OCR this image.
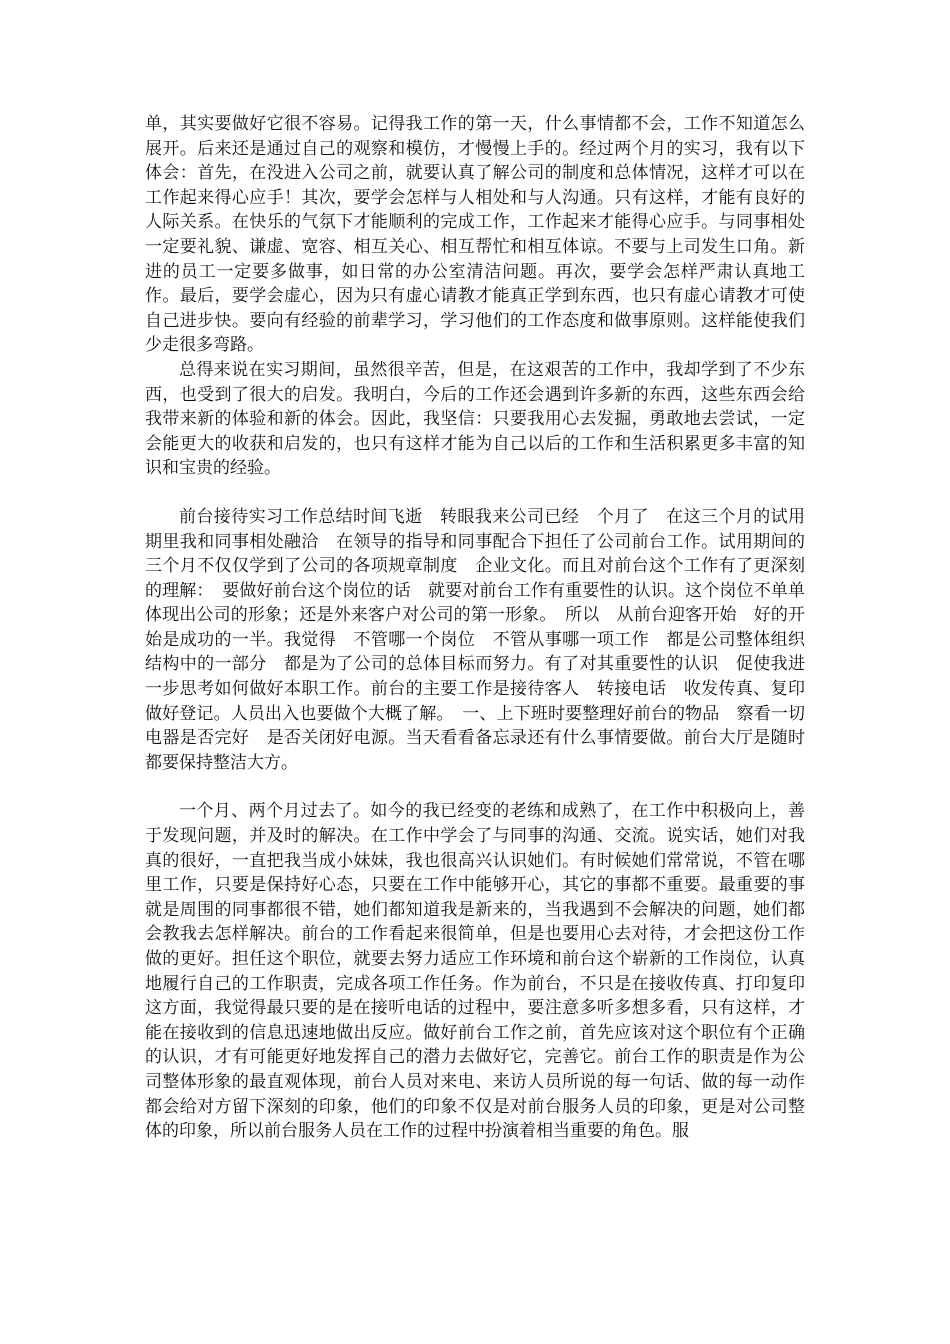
单，其实要做好它很不容易。记得我工作的第一天，什么事情都不会，工作不知道怎么展开。后来还是通过自己的观察和模仿，才慢慢上手的。经过两个月的实习，我有以下体会：首先，在没进入公司之前，就要认真了解公司的制度和总体情况，这样才可以在工作起来得心应手！其次，要学会怎样与人相处和与人沟通。只有这样，才能有良好的人际关系。在快乐的气氛下才能顺利的完成工作，工作起来才能得心应手。与同事相处一定要礼貌、谦虚、宽容、相互关心、相互帮忙和相互体谅。不要与上司发生口角。新进的员工一定要多做事，如日常的办公室清洁问题。再次，要学会怎样严肃认真地工作。最后，要学会虚心，因为只有虚心请教才能真正学到东西，也只有虚心请教才可使自己进步快。要向有经验的前辈学习，学习他们的工作态度和做事原则。这样能使我们少走很多弯路。

总得来说在实习期间，虽然很辛苦，但是，在这艰苦的工作中，我却学到了不少东西，也受到了很大的启发。我明白，今后的工作还会遇到许多新的东西，这些东西会给我带来新的体验和新的体会。因此，我坚信：只要我用心去发掘，勇敢地去尝试，一定会能更大的收获和启发的，也只有这样才能为自己以后的工作和生活积累更多丰富的知识和宝贵的经验。

前台接待实习工作总结时间飞逝　转眼我来公司已经　个月了　在这三个月的试用期里我和同事相处融洽　在领导的指导和同事配合下担任了公司前台工作。试用期间的三个月不仅仅学到了公司的各项规章制度　企业文化。而且对前台这个工作有了更深刻的理解：　要做好前台这个岗位的话　就要对前台工作有重要性的认识。这个岗位不单单体现出公司的形象；还是外来客户对公司的第一形象。　所以　从前台迎客开始　好的开始是成功的一半。我觉得　不管哪一个岗位　不管从事哪一项工作　都是公司整体组织结构中的一部分　都是为了公司的总体目标而努力。有了对其重要性的认识　促使我进一步思考如何做好本职工作。前台的主要工作是接待客人　转接电话　收发传真、复印做好登记。人员出入也要做个大概了解。　一、上下班时要整理好前台的物品　察看一切电器是否完好　是否关闭好电源。当天看看备忘录还有什么事情要做。前台大厅是随时都要保持整洁大方。

一个月、两个月过去了。如今的我已经变的老练和成熟了，在工作中积极向上，善于发现问题，并及时的解决。在工作中学会了与同事的沟通、交流。说实话，她们对我真的很好，一直把我当成小妹妹，我也很高兴认识她们。有时候她们常常说，不管在哪里工作，只要是保持好心态，只要在工作中能够开心，其它的事都不重要。最重要的事就是周围的同事都很不错，她们都知道我是新来的，当我遇到不会解决的问题，她们都会教我去怎样解决。前台的工作看起来很简单，但是也要用心去对待，才会把这份工作做的更好。担任这个职位，就要去努力适应工作环境和前台这个崭新的工作岗位，认真地履行自己的工作职责，完成各项工作任务。作为前台，不只是在接收传真、打印复印这方面，我觉得最只要的是在接听电话的过程中，要注意多听多想多看，只有这样，才能在接收到的信息迅速地做出反应。做好前台工作之前，首先应该对这个职位有个正确的认识，才有可能更好地发挥自己的潜力去做好它，完善它。前台工作的职责是作为公司整体形象的最直观体现，前台人员对来电、来访人员所说的每一句话、做的每一动作都会给对方留下深刻的印象，他们的印象不仅是对前台服务人员的印象，更是对公司整体的印象，所以前台服务人员在工作的过程中扮演着相当重要的角色。服
